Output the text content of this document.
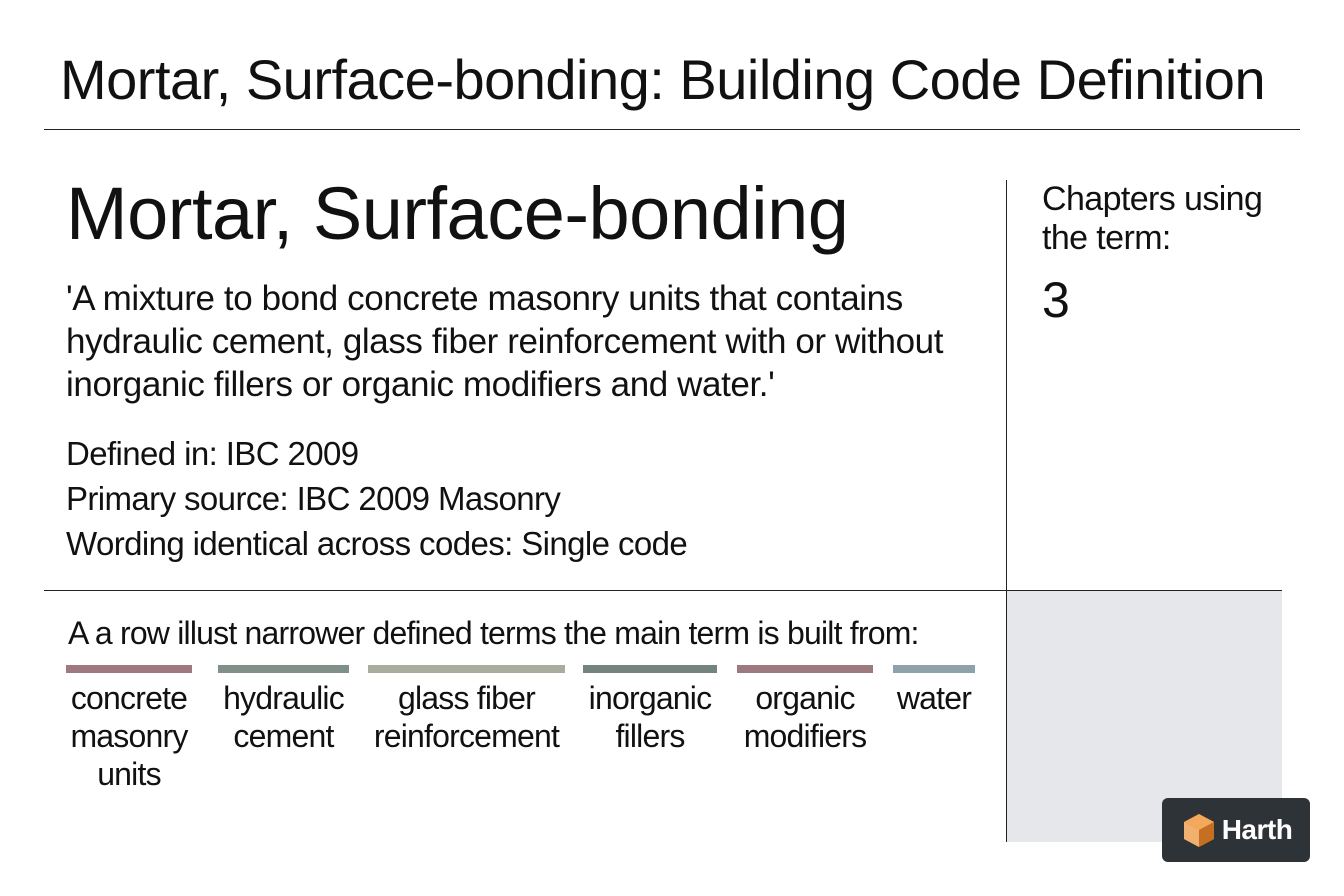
Mortar, Surface-bonding: Building Code Definition
Mortar, Surface-bonding
'A mixture to bond concrete masonry units that contains hydraulic cement, glass fiber reinforcement with or without inorganic fillers or organic modifiers and water.'
Defined in: IBC 2009
Primary source: IBC 2009 Masonry
Wording identical across codes: Single code
Chapters using the term:
3
A a row illust narrower defined terms the main term is built from:
concrete
masonry
units
hydraulic
cement
glass fiber
reinforcement
inorganic
fillers
organic
modifiers
water
Harth
